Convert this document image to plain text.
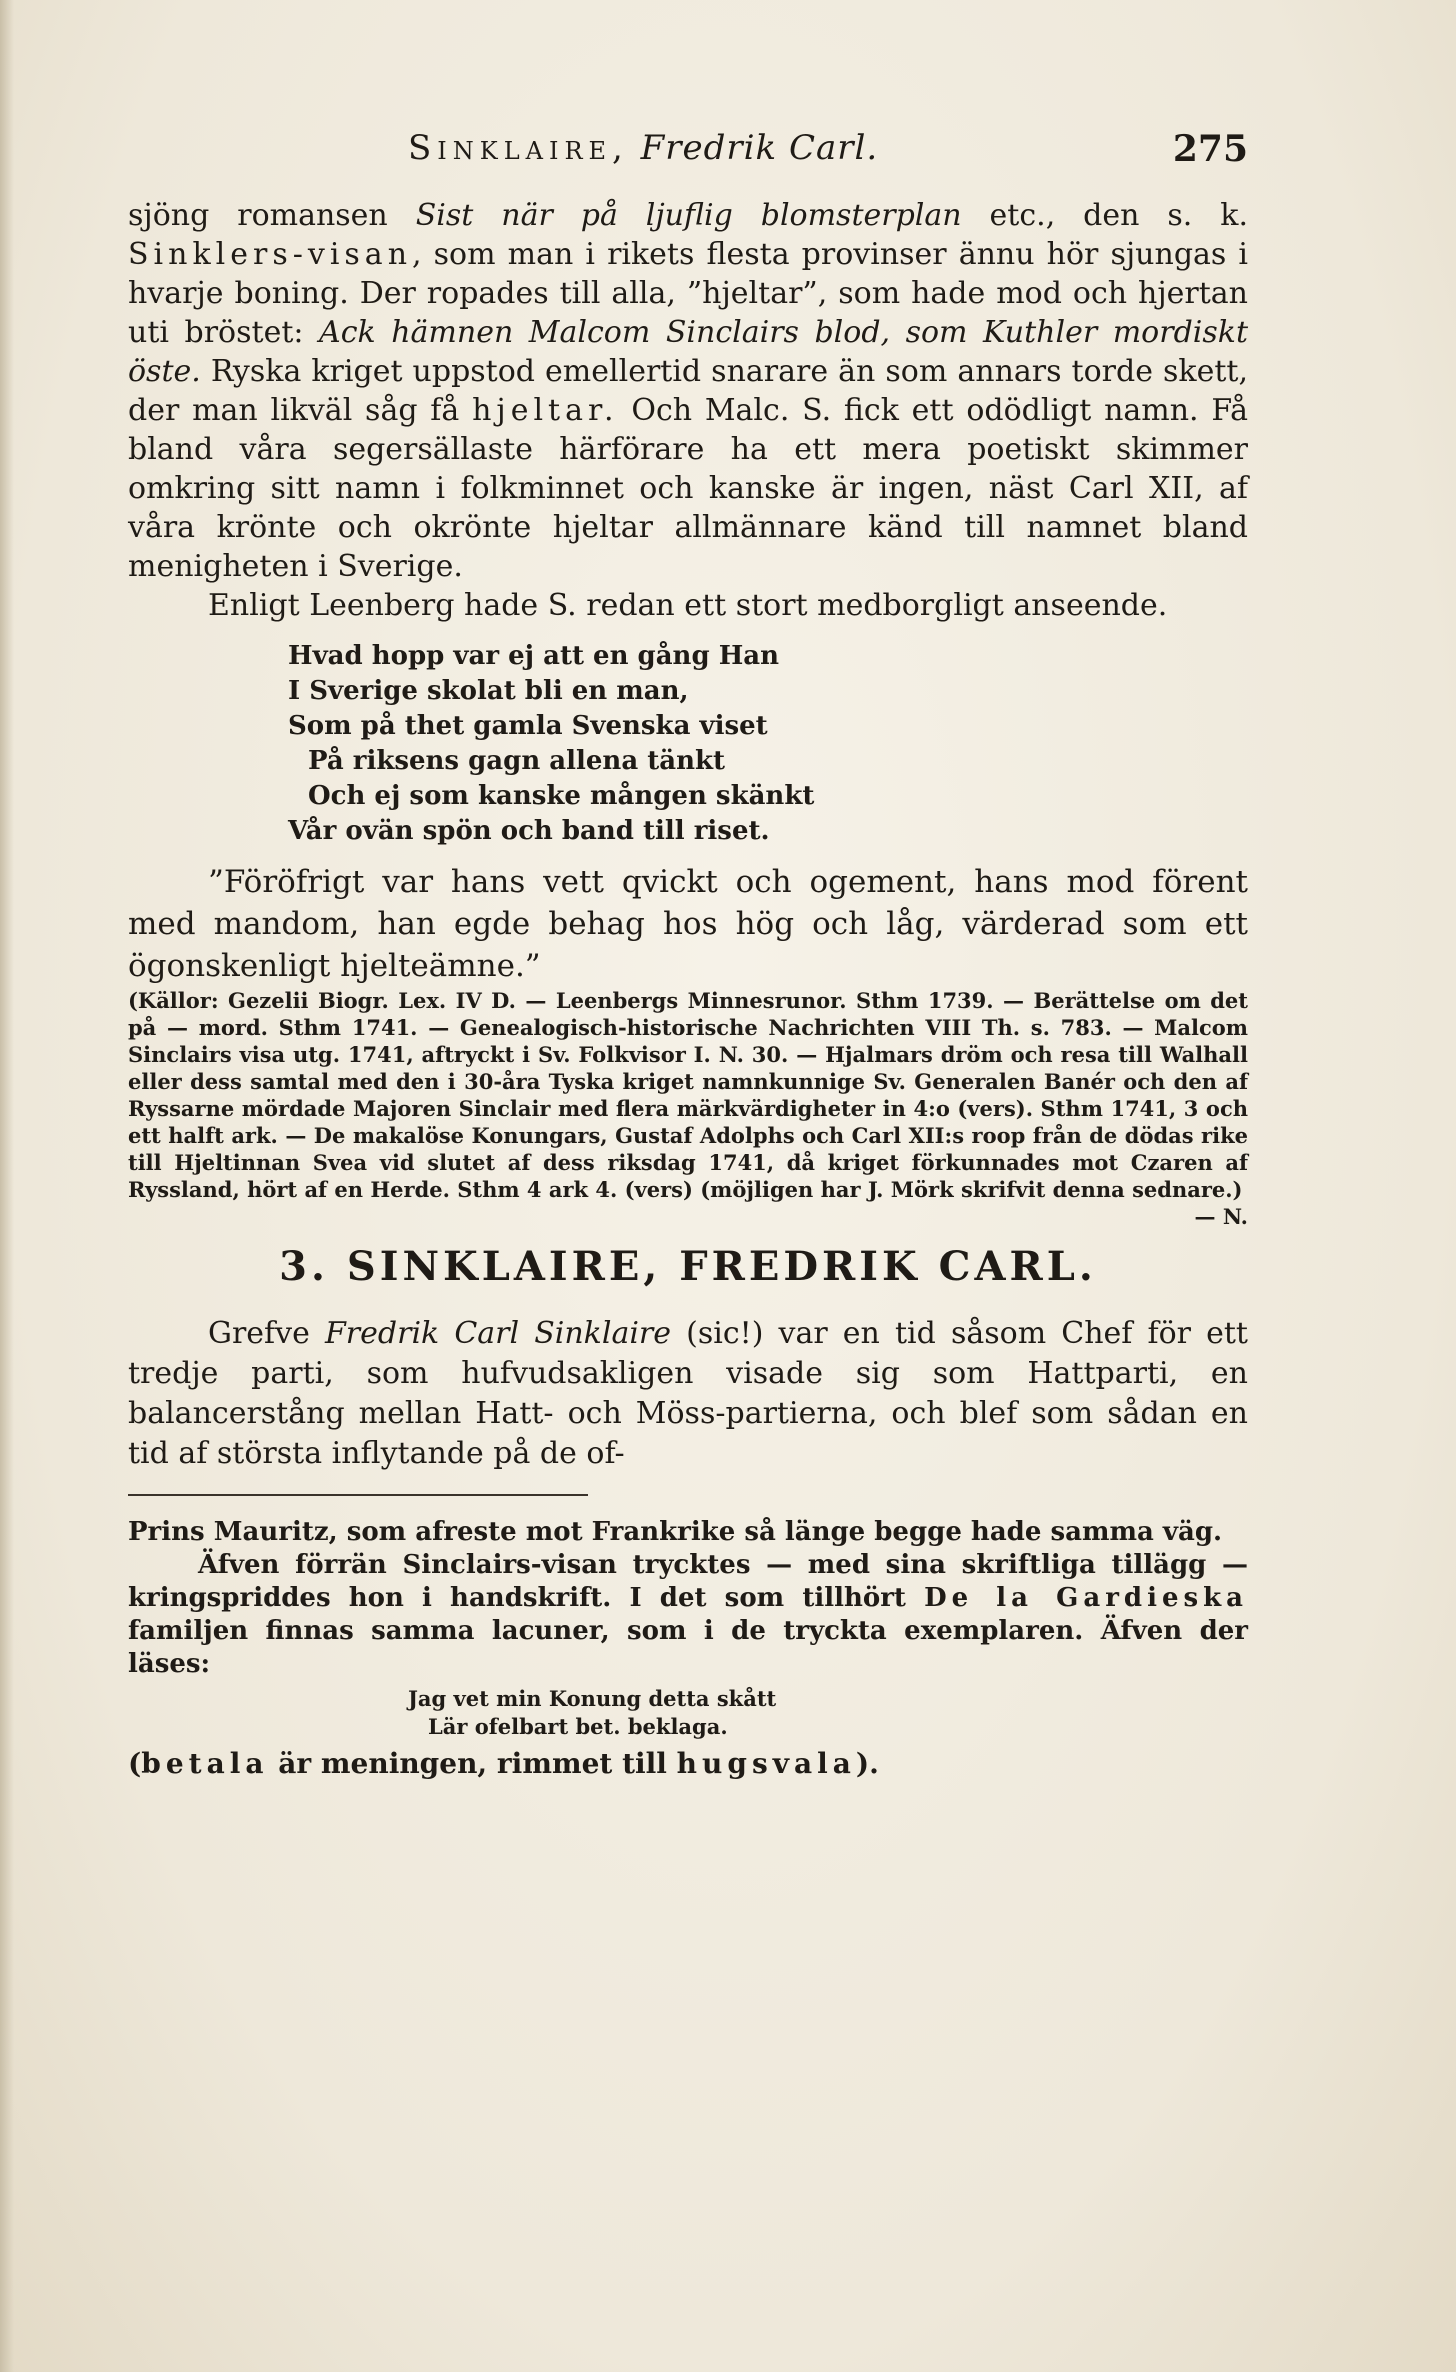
Sinklaire, Fredrik Carl.	275

sjöng romansen Sist när på ljuflig blomsterplan etc., den s. k. Sinklers-visan, som man i rikets flesta provinser ännu hör sjungas i hvarje boning. Der ropades till alla, ”hjeltar”, som hade mod och hjertan uti bröstet: Ack hämnen Malcom Sinclairs blod, som Kuthler mordiskt öste. Ryska kriget uppstod emellertid snarare än som annars torde skett, der man likväl såg få hjeltar. Och Malc. S. fick ett odödligt namn. Få bland våra segersällaste härförare ha ett mera poetiskt skimmer omkring sitt namn i folkminnet och kanske är ingen, näst Carl XII, af våra krönte och okrönte hjeltar allmännare känd till namnet bland menigheten i Sverige.

Enligt Leenberg hade S. redan ett stort medborgligt anseende.

Hvad hopp var ej att en gång Han
I Sverige skolat bli en man,
Som på thet gamla Svenska viset
På riksens gagn allena tänkt
Och ej som kanske mången skänkt
Vår ovän spön och band till riset.

”Föröfrigt var hans vett qvickt och ogement, hans mod förent med mandom, han egde behag hos hög och låg, värderad som ett ögonskenligt hjelteämne.”

(Källor: Gezelii Biogr. Lex. IV D. — Leenbergs Minnesrunor. Sthm 1739. — Berättelse om det på — mord. Sthm 1741. — Genealogisch-historische Nachrichten VIII Th. s. 783. — Malcom Sinclairs visa utg. 1741, aftryckt i Sv. Folkvisor I. N. 30. — Hjalmars dröm och resa till Walhall eller dess samtal med den i 30-åra Tyska kriget namnkunnige Sv. Generalen Banér och den af Ryssarne mördade Majoren Sinclair med flera märkvärdigheter in 4:o (vers). Sthm 1741, 3 och ett halft ark. — De makalöse Konungars, Gustaf Adolphs och Carl XII:s roop från de dödas rike till Hjeltinnan Svea vid slutet af dess riksdag 1741, då kriget förkunnades mot Czaren af Ryssland, hört af en Herde. Sthm 4 ark 4. (vers) (möjligen har J. Mörk skrifvit denna sednare.)
— N.

3. SINKLAIRE, FREDRIK CARL.

Grefve Fredrik Carl Sinklaire (sic!) var en tid såsom Chef för ett tredje parti, som hufvudsakligen visade sig som Hattparti, en balancerstång mellan Hatt- och Möss-partierna, och blef som sådan en tid af största inflytande på de of-

Prins Mauritz, som afreste mot Frankrike så länge begge hade samma väg.

Äfven förrän Sinclairs-visan trycktes — med sina skriftliga tillägg — kringspriddes hon i handskrift. I det som tillhört De la Gardieska familjen finnas samma lacuner, som i de tryckta exemplaren. Äfven der läses:

Jag vet min Konung detta skått
Lär ofelbart bet. beklaga.

(betala är meningen, rimmet till hugsvala).
